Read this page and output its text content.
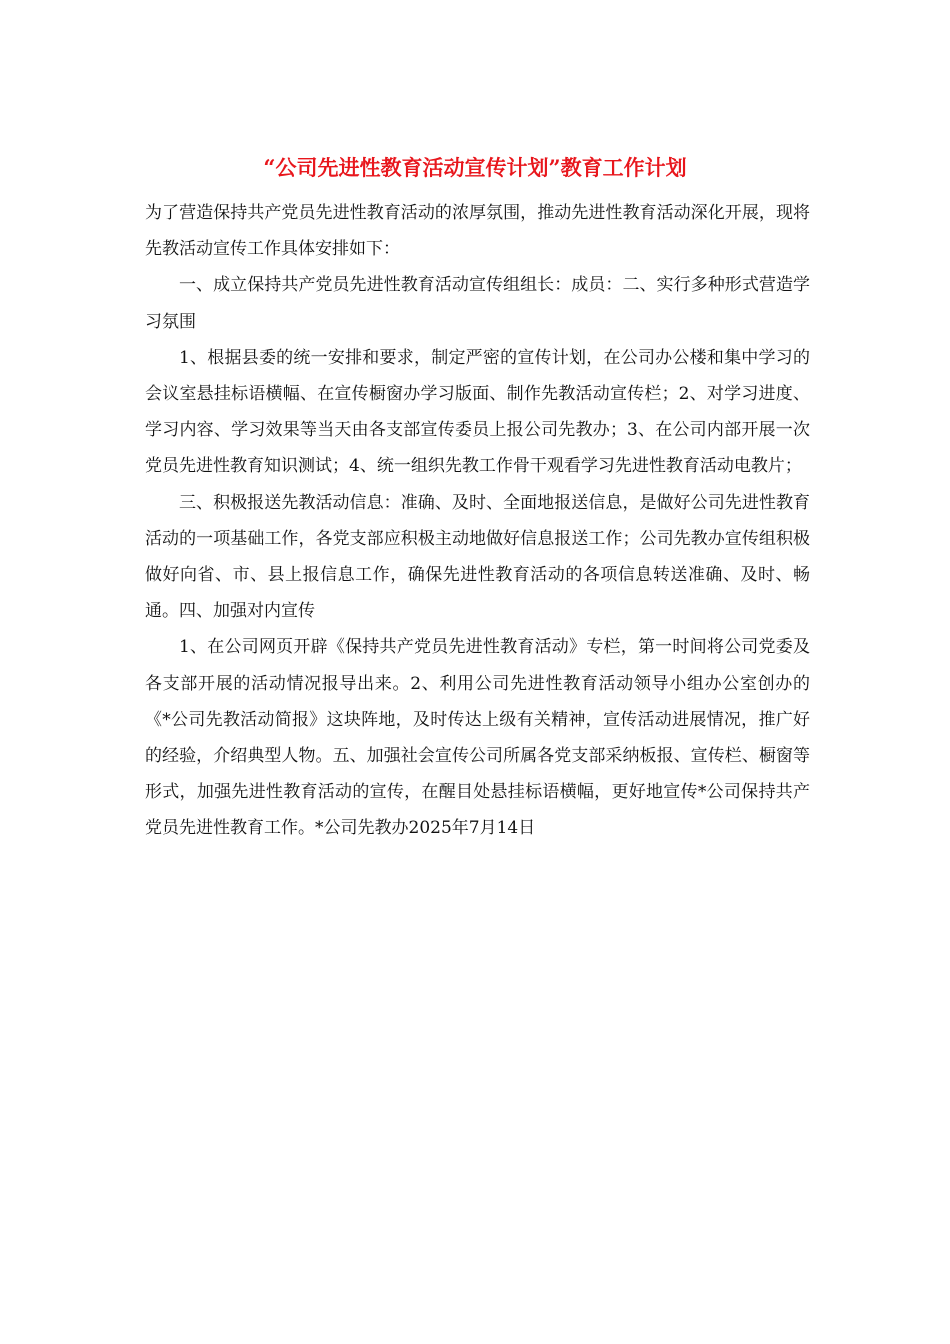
“公司先进性教育活动宣传计划”教育工作计划

为了营造保持共产党员先进性教育活动的浓厚氛围，推动先进性教育活动深化开展，现将先教活动宣传工作具体安排如下：

一、成立保持共产党员先进性教育活动宣传组组长：成员：二、实行多种形式营造学习氛围

1、根据县委的统一安排和要求，制定严密的宣传计划，在公司办公楼和集中学习的会议室悬挂标语横幅、在宣传橱窗办学习版面、制作先教活动宣传栏；2、对学习进度、学习内容、学习效果等当天由各支部宣传委员上报公司先教办；3、在公司内部开展一次党员先进性教育知识测试；4、统一组织先教工作骨干观看学习先进性教育活动电教片；

三、积极报送先教活动信息：准确、及时、全面地报送信息，是做好公司先进性教育活动的一项基础工作，各党支部应积极主动地做好信息报送工作；公司先教办宣传组积极做好向省、市、县上报信息工作，确保先进性教育活动的各项信息转送准确、及时、畅通。四、加强对内宣传

1、在公司网页开辟《保持共产党员先进性教育活动》专栏，第一时间将公司党委及各支部开展的活动情况报导出来。2、利用公司先进性教育活动领导小组办公室创办的《*公司先教活动简报》这块阵地，及时传达上级有关精神，宣传活动进展情况，推广好的经验，介绍典型人物。五、加强社会宣传公司所属各党支部采纳板报、宣传栏、橱窗等形式，加强先进性教育活动的宣传，在醒目处悬挂标语横幅，更好地宣传*公司保持共产党员先进性教育工作。*公司先教办2025年7月14日
